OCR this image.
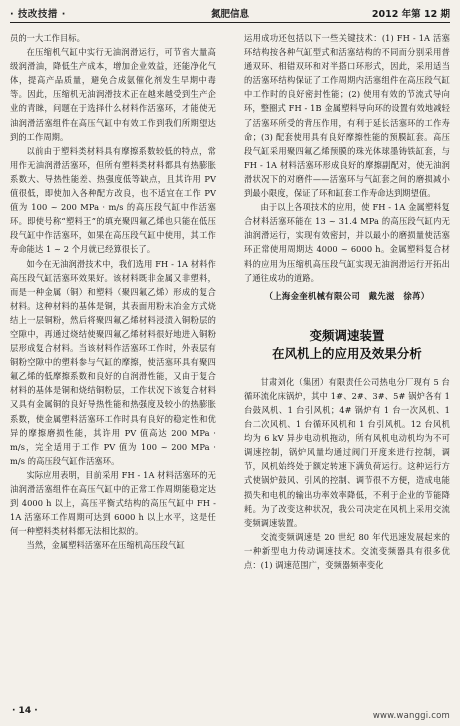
· 技改技措 ·	氮肥信息	2012 年第 12 期

员的一大工作目标。

在压缩机气缸中实行无油润滑运行，可节省大量高级润滑油，降低生产成本，增加企业效益，还能净化气体，提高产品质量，避免合成氨催化剂发生早期中毒等。因此，压缩机无油润滑技术正在越来越受到生产企业的青睐，问题在于选择什么材料作活塞环，才能使无油润滑活塞组件在高压气缸中有效工作到我们所期望达到的工作周期。

以前由于塑料类材料具有摩擦系数较低的特点，常用作无油润滑活塞环，但所有塑料类材料都具有热膨胀系数大、导热性能差、热强度低等缺点，且其许用 PV 值很低，即使加入各种配方改良，也不适宜在工作 PV 值为 100 ~ 200 MPa · m/s 的高压段气缸中作活塞环。即使号称“塑料王”的填充聚四氟乙烯也只能在低压段气缸中作活塞环，如果在高压段气缸中使用，其工作寿命能达 1 ~ 2 个月就已经算很长了。

如今在无油润滑技术中，我们选用 FH - 1A 材料作高压段气缸活塞环效果好。该材料既非金属又非塑料，而是一种金属（铜）和塑料（聚四氟乙烯）形成的复合材料。这种材料的基体是铜，其表面用粉末冶金方式烧结上一层铜粉，然后将聚四氟乙烯材料浸渍入铜粉层的空隙中，再通过烧结使聚四氟乙烯材料很好地进入铜粉层形成复合材料。当该材料作活塞环工作时，外表层有铜粉空隙中的塑料参与气缸的摩擦，使活塞环具有聚四氟乙烯的低摩擦系数和良好的自润滑性能，又由于复合材料的基体是铜和烧结铜粉层，工作状况下该复合材料又具有金属铜的良好导热性能和热强度及较小的热膨胀系数，使金属塑料活塞环工作时具有良好的稳定性和优异的摩擦磨损性能，其许用 PV 值高达 200 MPa · m/s，完全适用于工作 PV 值为 100 ~ 200 MPa · m/s 的高压段气缸作活塞环。

实际应用表明，目前采用 FH - 1A 材料活塞环的无油润滑活塞组件在高压气缸中的正常工作周期能稳定达到 4000 h 以上，高压平衡式结构的高压气缸中 FH - 1A 活塞环工作周期可达到 6000 h 以上水平，这是任何一种塑料类材料都无法相比拟的。

当然，金属塑料活塞环在压缩机高压段气缸

运用成功还包括以下一些关键技术：(1) FH - 1A 活塞环结构按各种气缸型式和活塞结构的不同而分别采用普通双环、相错双环和对半搭口环形式，因此，采用适当的活塞环结构保证了工作周期内活塞组件在高压段气缸中工作时的良好密封性能；(2) 使用有效的节流式导向环，整圈式 FH - 1B 金属塑料导向环的设置有效地减轻了活塞环所受的背压作用，有利于延长活塞环的工作寿命；(3) 配套使用具有良好摩擦性能的预膜缸套。高压段气缸采用聚四氟乙烯预膜的珠光体球墨铸铁缸套，与 FH - 1A 材料活塞环形成良好的摩擦副配对，使无油润滑状况下的对磨件——活塞环与气缸套之间的磨损减小到最小限度，保证了环和缸套工作寿命达到期望值。

由于以上各项技术的应用，使 FH - 1A 金属塑料复合材料活塞环能在 13 ~ 31.4 MPa 的高压段气缸内无油润滑运行，实现有效密封，并以最小的磨损量使活塞环正常使用周期达 4000 ~ 6000 h。金属塑料复合材料的应用为压缩机高压段气缸实现无油润滑运行开拓出了通往成功的道路。

（上海金奎机械有限公司　戴先滋　徐苒）
变频调速装置
在风机上的应用及效果分析

甘肃刘化（集团）有限责任公司热电分厂现有 5 台循环流化床锅炉，其中 1#、2#、3#、5# 锅炉各有 1 台鼓风机、1 台引风机；4# 锅炉有 1 台一次风机、1 台二次风机、1 台循环风机和 1 台引风机。12 台风机均为 6 kV 异步电动机拖动，所有风机电动机均为不可调速控制，锅炉风量均通过阀门开度来进行控制，调节，风机始终处于额定转速下满负荷运行。这种运行方式使锅炉鼓风、引风的控制、调节很不方便，造成电能损失和电机的输出功率效率降低，不利于企业的节能降耗。为了改变这种状况，我公司决定在风机上采用交流变频调速装置。

交流变频调速是 20 世纪 80 年代迅速发展起来的一种新型电力传动调速技术。交流变频器具有很多优点：(1) 调速范围广，变频器频率变化

· 14 ·	www.wanggi.com
